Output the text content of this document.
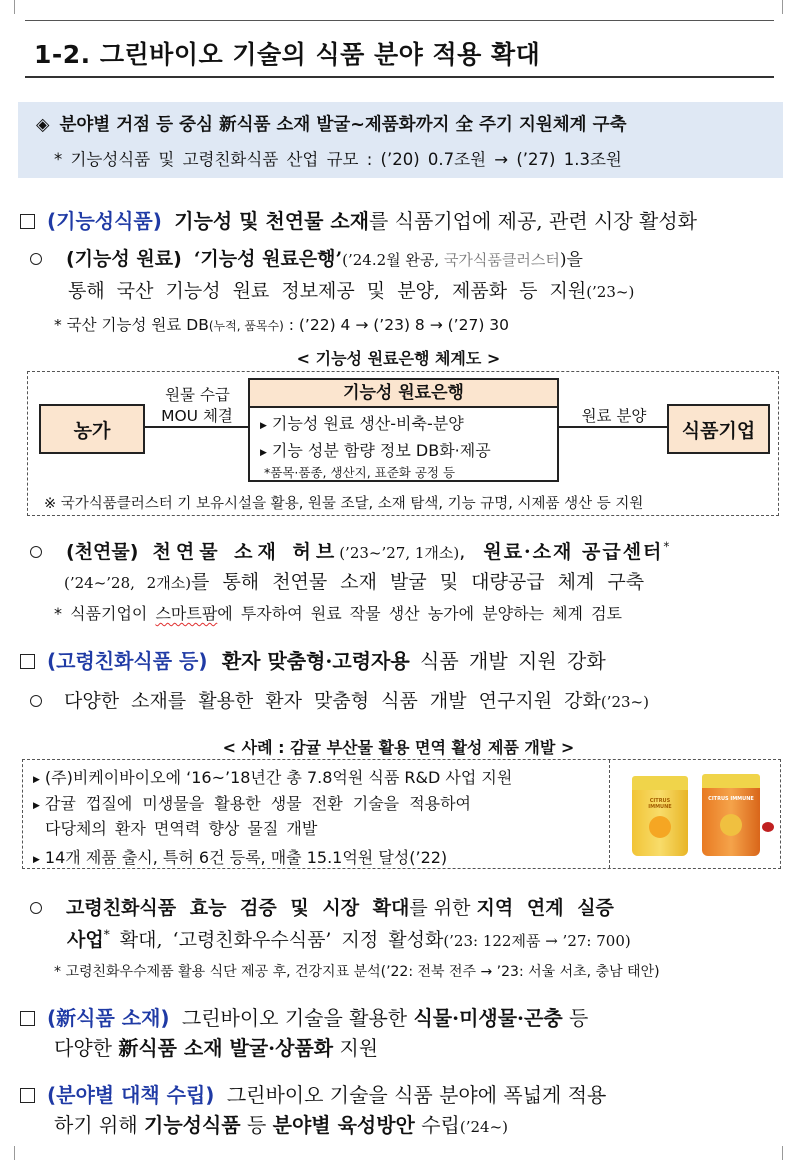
1-2. 그린바이오 기술의 식품 분야 적용 확대
◈ 분야별 거점 등 중심 新식품 소재 발굴~제품화까지 全 주기 지원체계 구축
* 기능성식품 및 고령친화식품 산업 규모 : (’20) 0.7조원 → (’27) 1.3조원
(기능성식품) 기능성 및 천연물 소재를 식품기업에 제공, 관련 시장 활성화
(기능성 원료) ‘기능성 원료은행’(’24.2월 완공, 국가식품클러스터)을
통해 국산 기능성 원료 정보제공 및 분양, 제품화 등 지원(’23~)
* 국산 기능성 원료 DB(누적, 품목수) : (’22) 4 → (’23) 8 → (’27) 30
< 기능성 원료은행 체계도 >
농가	식품기업
기능성 원료은행
▶ 기능성 원료 생산-비축-분양
▶ 기능 성분 함량 정보 DB화·제공
*품목·품종, 생산지, 표준화 공정 등
원물 수급
MOU 체결	원료 분양
※ 국가식품클러스터 기 보유시설을 활용, 원물 조달, 소재 탐색, 기능 규명, 시제품 생산 등 지원
(천연물) 천연물 소재 허브(’23~’27, 1개소), 원료·소재 공급센터*
(’24~’28, 2개소)를 통해 천연물 소재 발굴 및 대량공급 체계 구축
* 식품기업이 스마트팜에 투자하여 원료 작물 생산 농가에 분양하는 체계 검토
(고령친화식품 등) 환자 맞춤형·고령자용 식품 개발 지원 강화
다양한 소재를 활용한 환자 맞춤형 식품 개발 연구지원 강화(’23~)
< 사례 : 감귤 부산물 활용 면역 활성 제품 개발 >
▶ (주)비케이바이오에 ‘16~’18년간 총 7.8억원 식품 R&D 사업 지원
▶ 감귤 껍질에 미생물을 활용한 생물 전환 기술을 적용하여
다당체의 환자 면역력 향상 물질 개발
▶ 14개 제품 출시, 특허 6건 등록, 매출 15.1억원 달성(’22)
CITRUS IMMUNE
CITRUS IMMUNE
고령친화식품 효능 검증 및 시장 확대를 위한 지역 연계 실증
사업* 확대, ‘고령친화우수식품’ 지정 활성화(’23: 122제품 → ’27: 700)
* 고령친화우수제품 활용 식단 제공 후, 건강지표 분석(’22: 전북 전주 → ’23: 서울 서초, 충남 태안)
(新식품 소재) 그린바이오 기술을 활용한 식물·미생물·곤충 등
다양한 新식품 소재 발굴·상품화 지원
(분야별 대책 수립) 그린바이오 기술을 식품 분야에 폭넓게 적용
하기 위해 기능성식품 등 분야별 육성방안 수립(’24~)
